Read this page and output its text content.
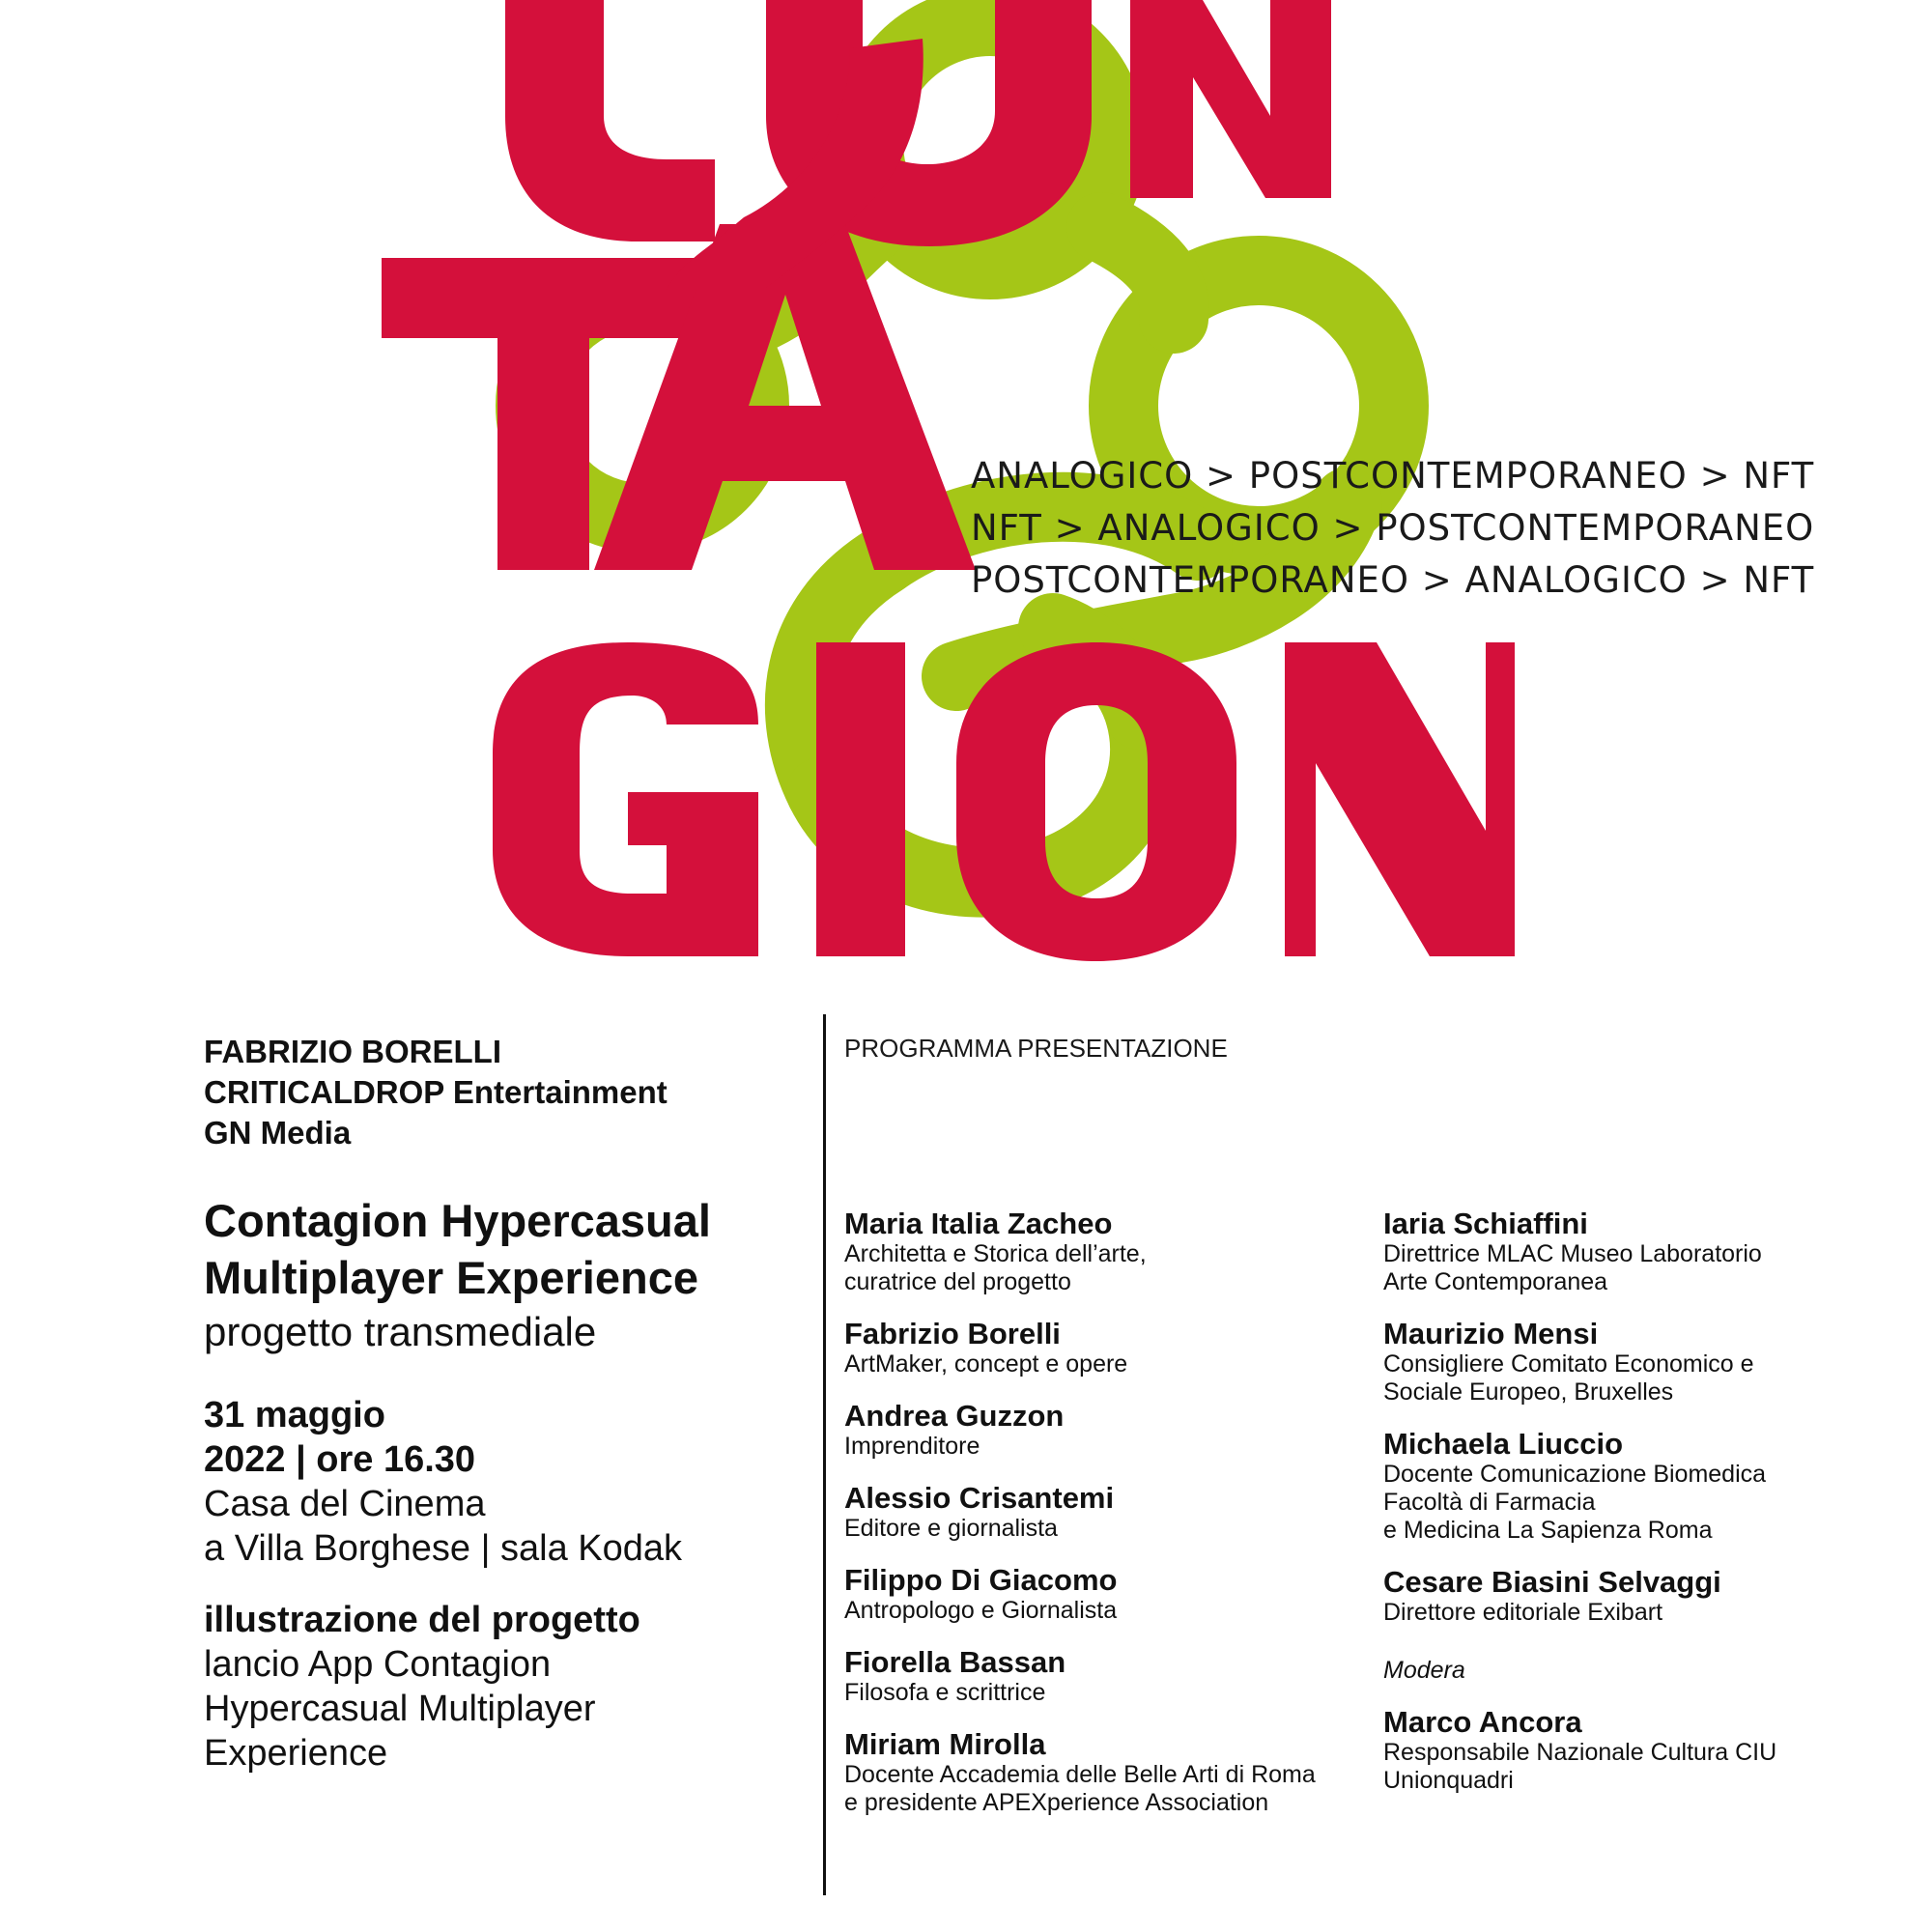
ANALOGICO > POSTCONTEMPORANEO > NFT
NFT > ANALOGICO > POSTCONTEMPORANEO
POSTCONTEMPORANEO > ANALOGICO > NFT
FABRIZIO BORELLI
CRITICALDROP Entertainment
GN Media
Contagion Hypercasual
Multiplayer Experience
progetto transmediale
31 maggio
2022 | ore 16.30
Casa del Cinema
a Villa Borghese | sala Kodak
illustrazione del progetto
lancio App Contagion
Hypercasual Multiplayer
Experience
PROGRAMMA PRESENTAZIONE
Maria Italia Zacheo
Architetta e Storica dell’arte,
curatrice del progetto
Fabrizio Borelli
ArtMaker, concept e opere
Andrea Guzzon
Imprenditore
Alessio Crisantemi
Editore e giornalista
Filippo Di Giacomo
Antropologo e Giornalista
Fiorella Bassan
Filosofa e scrittrice
Miriam Mirolla
Docente Accademia delle Belle Arti di Roma
e presidente APEXperience Association
Iaria Schiaffini
Direttrice MLAC Museo Laboratorio
Arte Contemporanea
Maurizio Mensi
Consigliere Comitato Economico e
Sociale Europeo, Bruxelles
Michaela Liuccio
Docente Comunicazione Biomedica
Facoltà di Farmacia
e Medicina La Sapienza Roma
Cesare Biasini Selvaggi
Direttore editoriale Exibart
Modera
Marco Ancora
Responsabile Nazionale Cultura CIU
Unionquadri
